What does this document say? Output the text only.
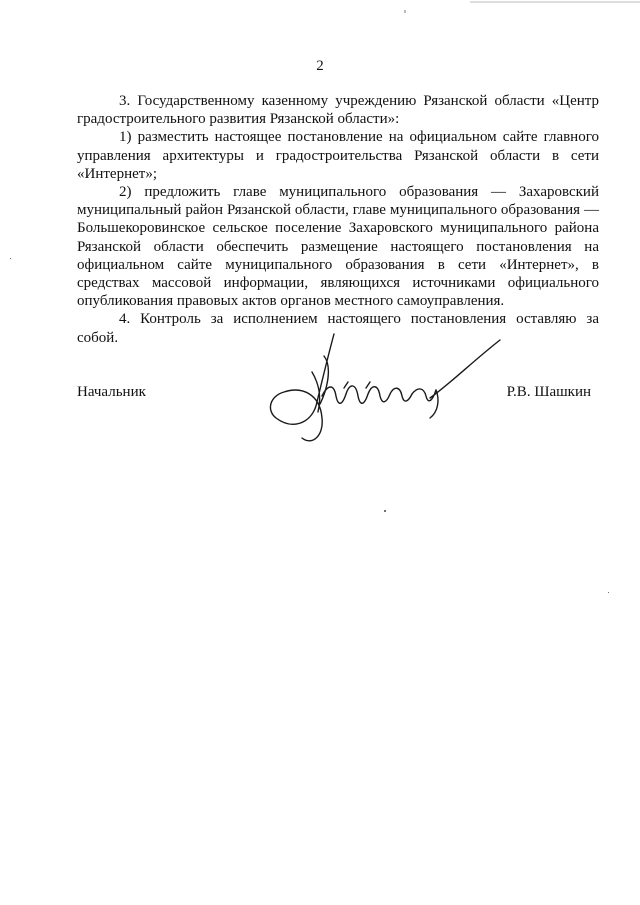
2

3. Государственному казенному учреждению Рязанской области «Центр градостроительного развития Рязанской области»:

1) разместить настоящее постановление на официальном сайте главного управления архитектуры и градостроительства Рязанской области в сети «Интернет»;

2) предложить главе муниципального образования — Захаровский муниципальный район Рязанской области, главе муниципального образования — Большекоровинское сельское поселение Захаровского муниципального района Рязанской области обеспечить размещение настоящего постановления на официальном сайте муниципального образования в сети «Интернет», в средствах массовой информации, являющихся источниками официального опубликования правовых актов органов местного самоуправления.

4. Контроль за исполнением настоящего постановления оставляю за собой.

Начальник	Р.В. Шашкин
